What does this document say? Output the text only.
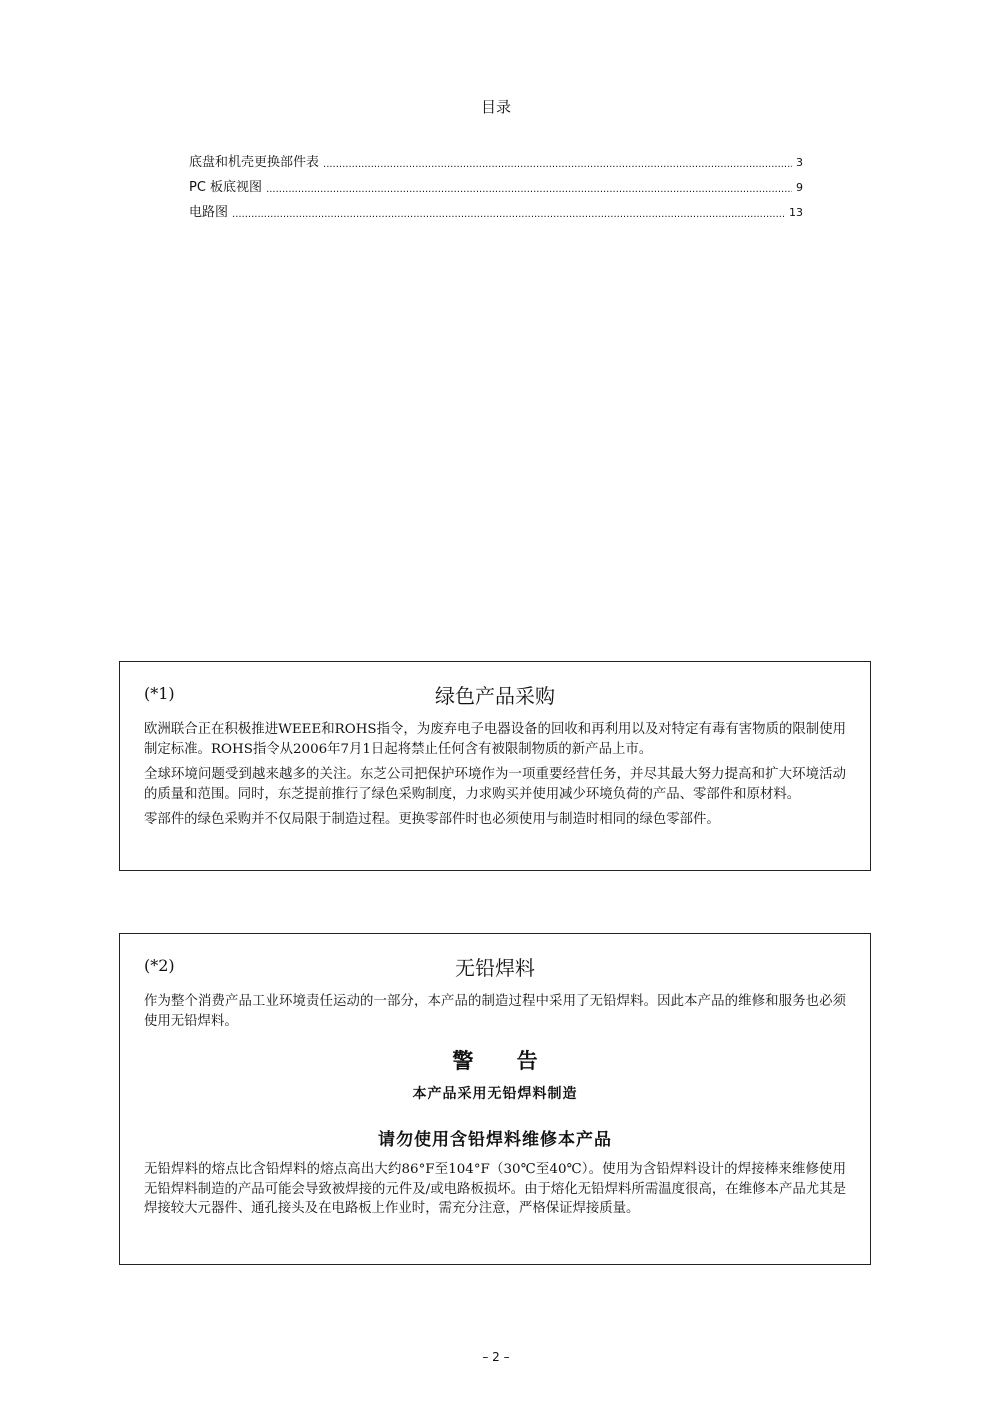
目录
底盘和机壳更换部件表 .....	3
PC 板底视图 .....	9
电路图 .....	13
(*1)	绿色产品采购

欧洲联合正在积极推进WEEE和ROHS指令，为废弃电子电器设备的回收和再利用以及对特定有毒有害物质的限制使用制定标准。ROHS指令从2006年7月1日起将禁止任何含有被限制物质的新产品上市。

全球环境问题受到越来越多的关注。东芝公司把保护环境作为一项重要经营任务，并尽其最大努力提高和扩大环境活动的质量和范围。同时，东芝提前推行了绿色采购制度，力求购买并使用减少环境负荷的产品、零部件和原材料。

零部件的绿色采购并不仅局限于制造过程。更换零部件时也必须使用与制造时相同的绿色零部件。

(*2)	无铅焊料

作为整个消费产品工业环境责任运动的一部分，本产品的制造过程中采用了无铅焊料。因此本产品的维修和服务也必须使用无铅焊料。

警 告
本产品采用无铅焊料制造
请勿使用含铅焊料维修本产品

无铅焊料的熔点比含铅焊料的熔点高出大约86°F至104°F（30℃至40℃）。使用为含铅焊料设计的焊接棒来维修使用无铅焊料制造的产品可能会导致被焊接的元件及/或电路板损坏。由于熔化无铅焊料所需温度很高，在维修本产品尤其是焊接较大元器件、通孔接头及在电路板上作业时，需充分注意，严格保证焊接质量。

– 2 –
